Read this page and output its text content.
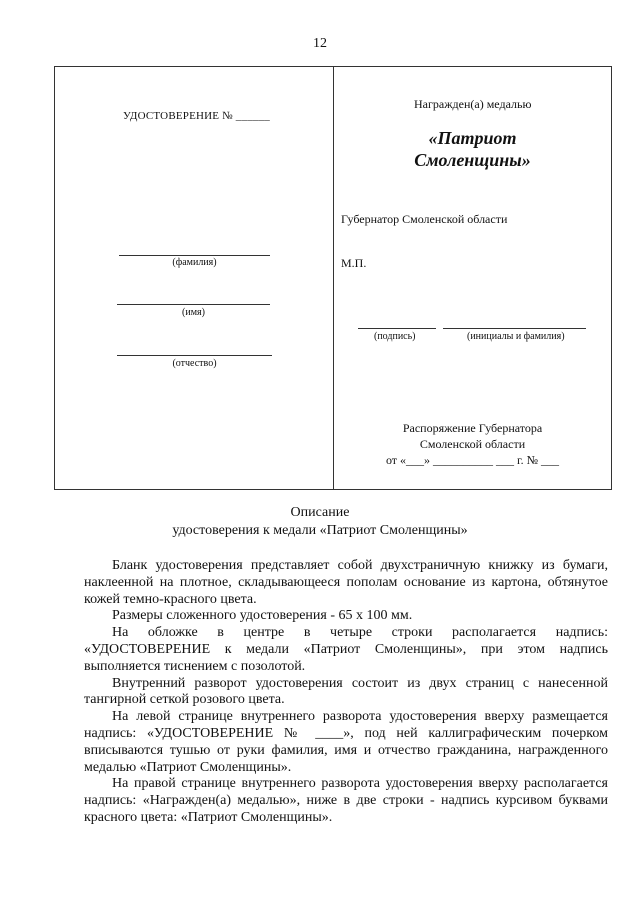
12
УДОСТОВЕРЕНИЕ № ______
(фамилия)
(имя)
(отчество)
Награжден(а) медалью
«Патриот
Смоленщины»
Губернатор Смоленской области
М.П.
(подпись)	(инициалы и фамилия)
Распоряжение Губернатора
Смоленской области
от «___» __________ ___ г. № ___
Описание
удостоверения к медали «Патриот Смоленщины»

Бланк удостоверения представляет собой двухстраничную книжку из бумаги, наклеенной на плотное, складывающееся пополам основание из картона, обтянутое кожей темно-красного цвета.

Размеры сложенного удостоверения - 65 x 100 мм.

На обложке в центре в четыре строки располагается надпись: «УДОСТОВЕРЕНИЕ к медали «Патриот Смоленщины», при этом надпись выполняется тиснением с позолотой.

Внутренний разворот удостоверения состоит из двух страниц с нанесенной тангирной сеткой розового цвета.

На левой странице внутреннего разворота удостоверения вверху размещается надпись: «УДОСТОВЕРЕНИЕ № ____», под ней каллиграфическим почерком вписываются тушью от руки фамилия, имя и отчество гражданина, награжденного медалью «Патриот Смоленщины».

На правой странице внутреннего разворота удостоверения вверху располагается надпись: «Награжден(а) медалью», ниже в две строки - надпись курсивом буквами красного цвета: «Патриот Смоленщины».
